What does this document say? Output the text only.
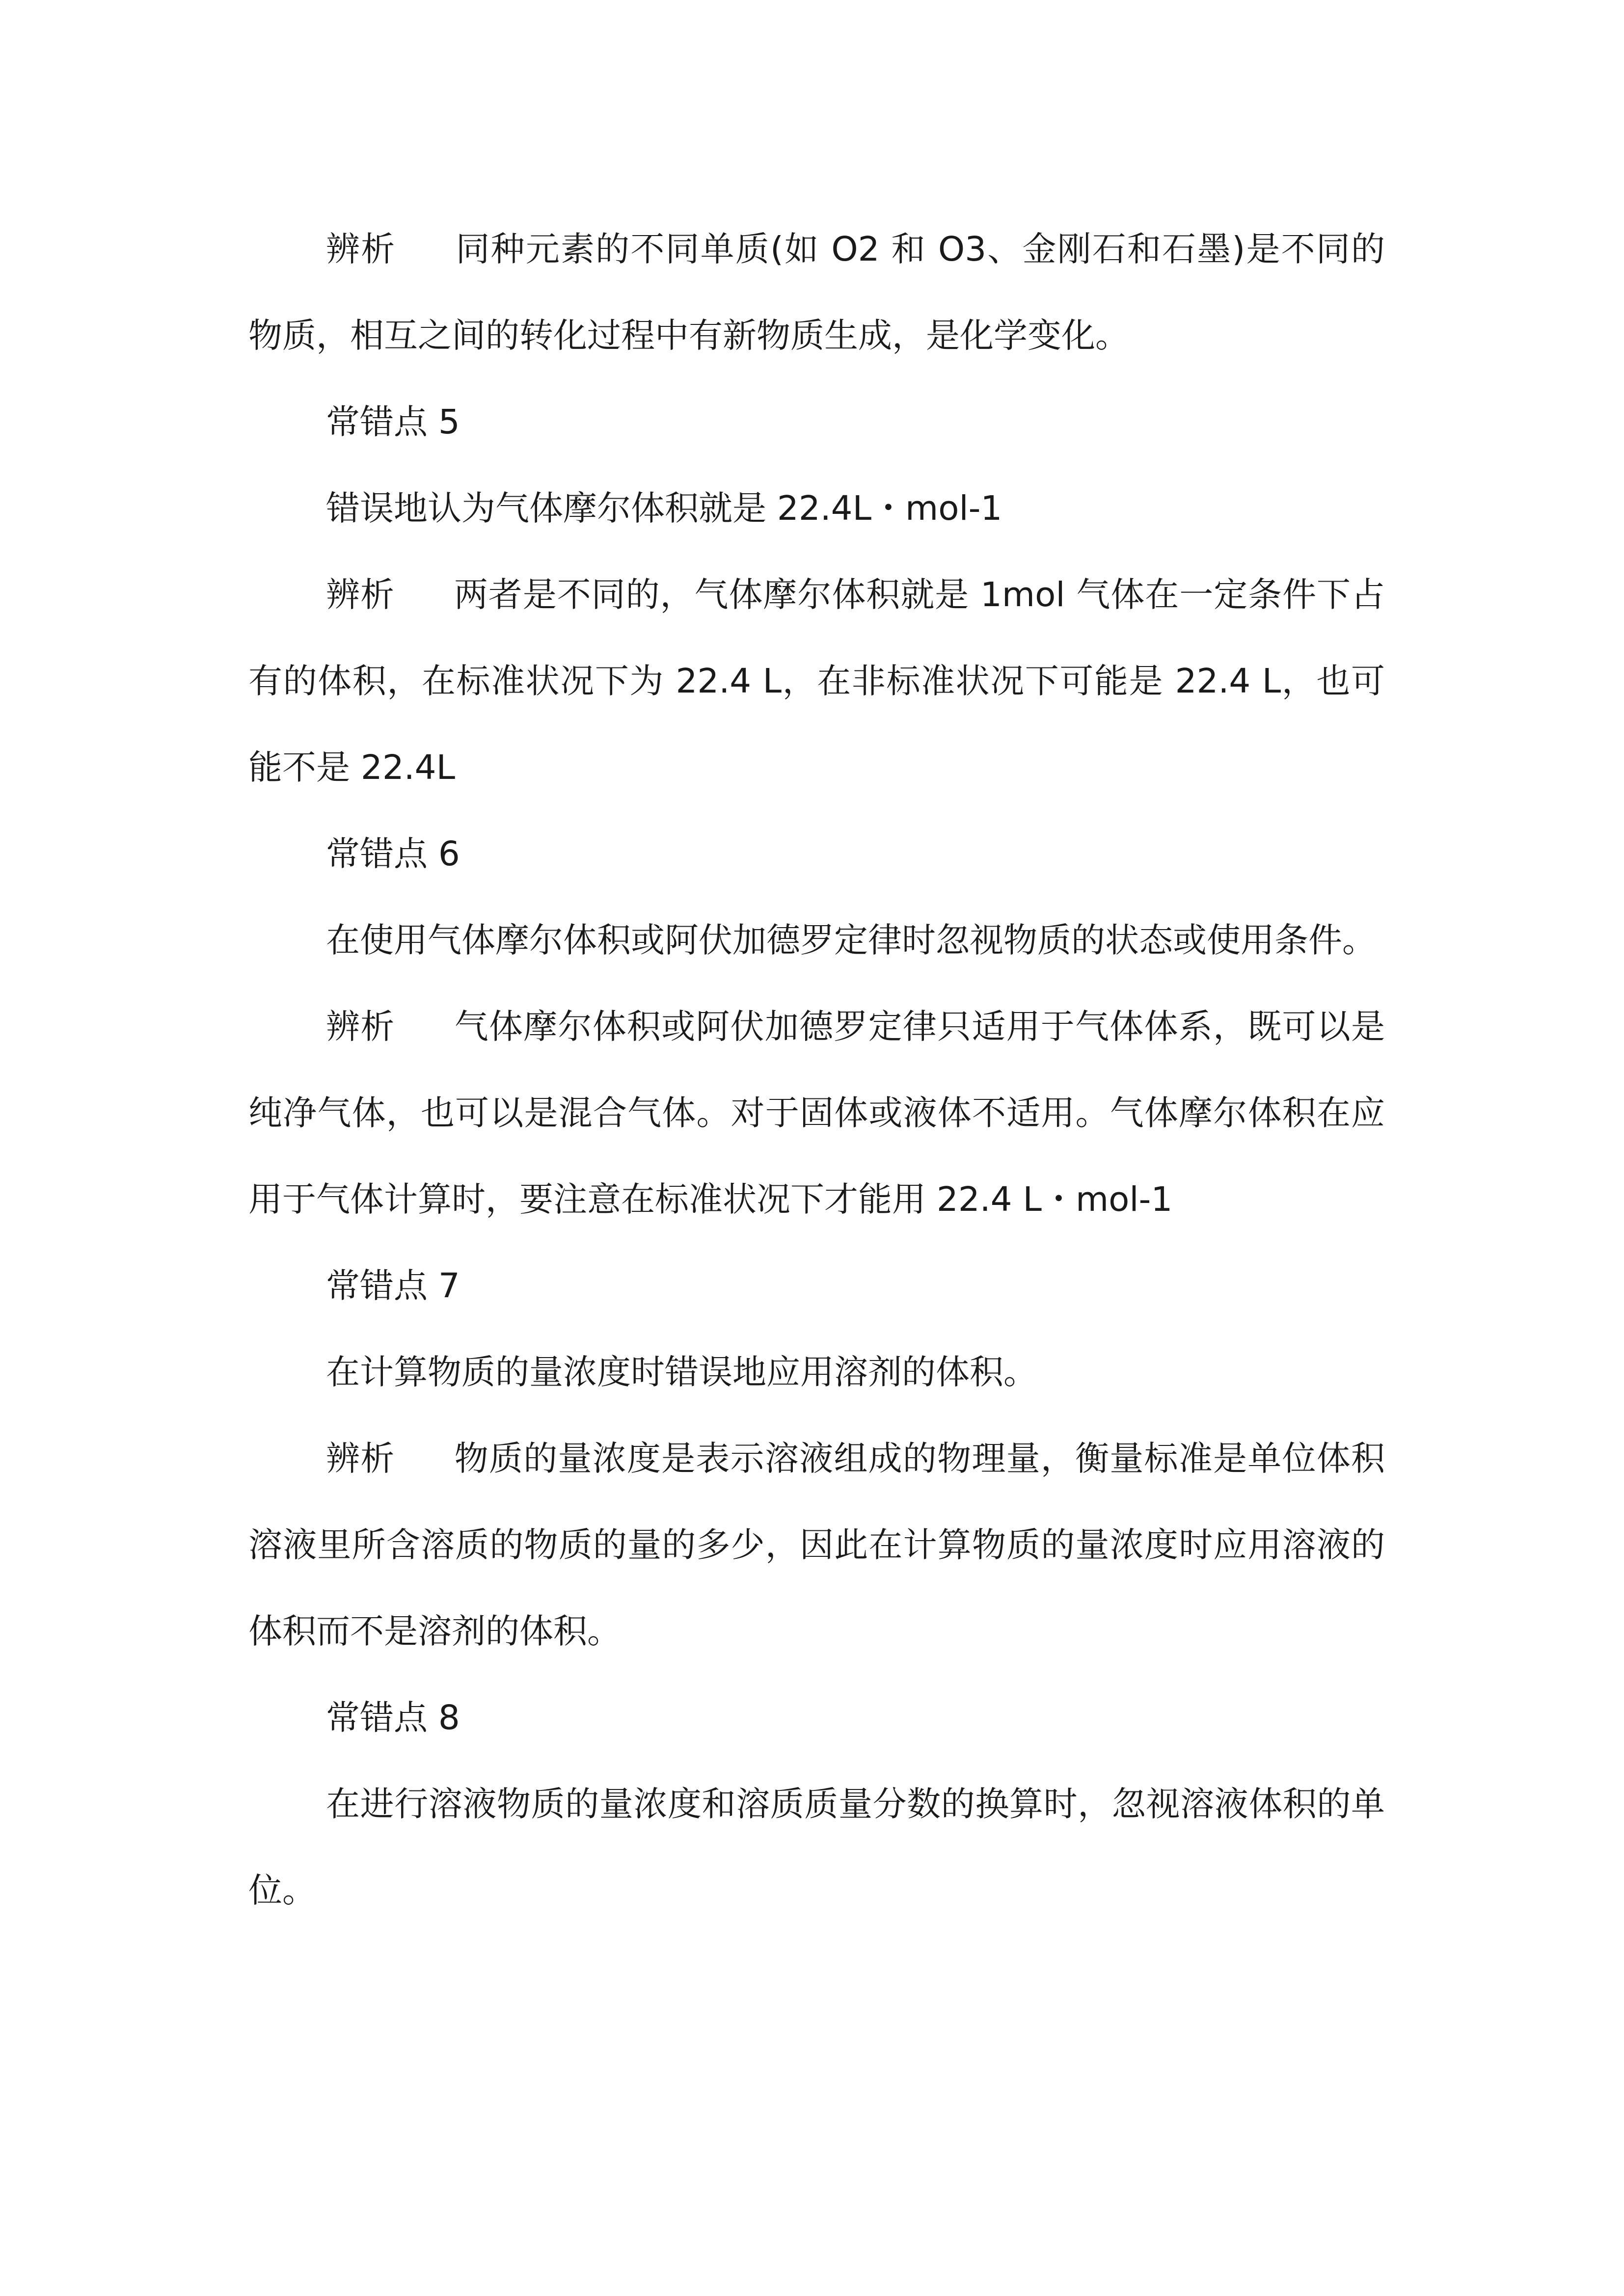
辨析 同种元素的不同单质(如 O2 和 O3、金刚石和石墨)是不同的物质，相互之间的转化过程中有新物质生成，是化学变化。

常错点 5

错误地认为气体摩尔体积就是 22.4L・mol-1

辨析 两者是不同的，气体摩尔体积就是 1mol 气体在一定条件下占有的体积，在标准状况下为 22.4 L，在非标准状况下可能是 22.4 L，也可能不是 22.4L

常错点 6

在使用气体摩尔体积或阿伏加德罗定律时忽视物质的状态或使用条件。

辨析 气体摩尔体积或阿伏加德罗定律只适用于气体体系，既可以是纯净气体，也可以是混合气体。对于固体或液体不适用。气体摩尔体积在应用于气体计算时，要注意在标准状况下才能用 22.4 L・mol-1

常错点 7

在计算物质的量浓度时错误地应用溶剂的体积。

辨析 物质的量浓度是表示溶液组成的物理量，衡量标准是单位体积溶液里所含溶质的物质的量的多少，因此在计算物质的量浓度时应用溶液的体积而不是溶剂的体积。

常错点 8

在进行溶液物质的量浓度和溶质质量分数的换算时，忽视溶液体积的单位。
